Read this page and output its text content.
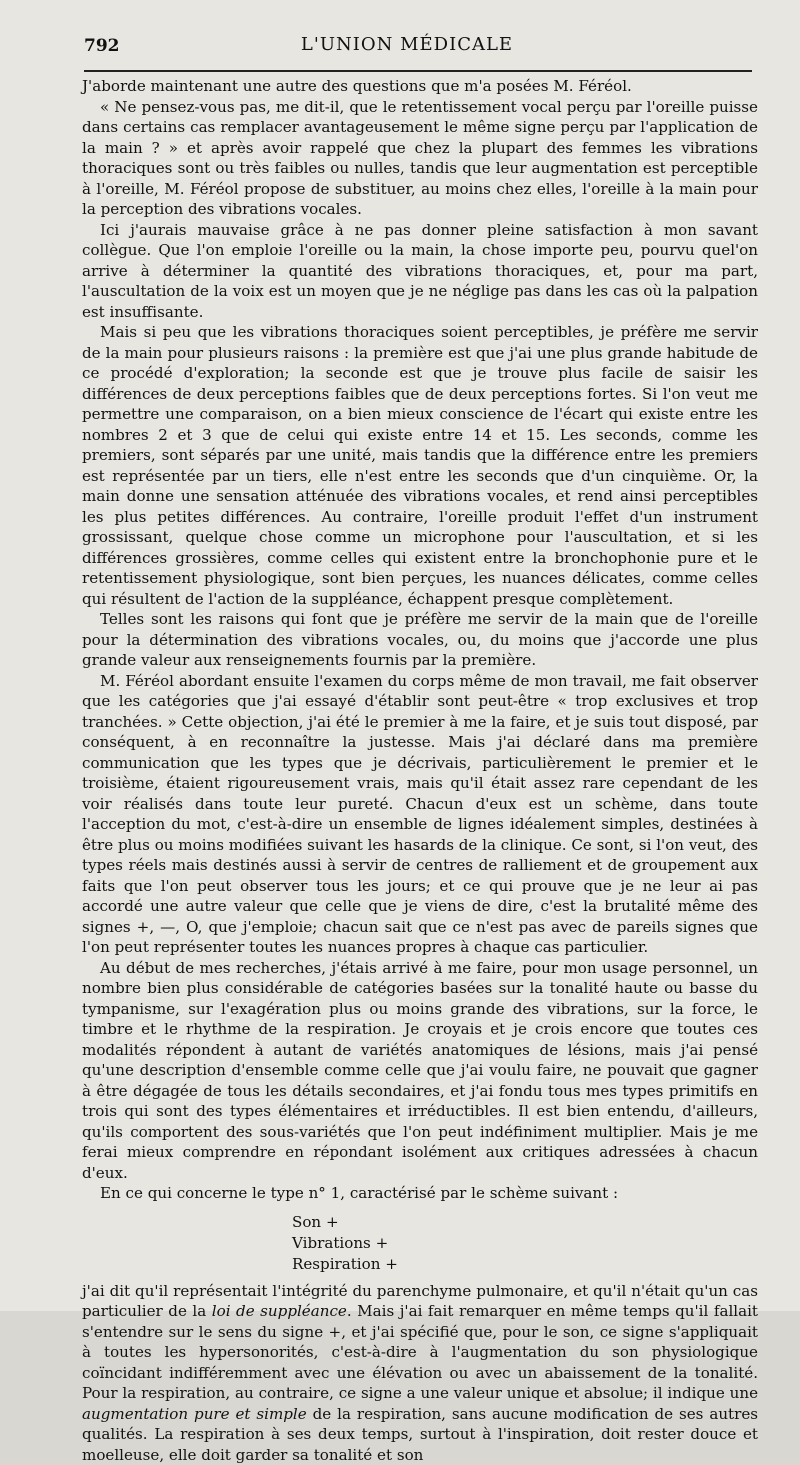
792	L'UNION MÉDICALE

J'aborde maintenant une autre des questions que m'a posées M. Féréol.

« Ne pensez-vous pas, me dit-il, que le retentissement vocal perçu par l'oreille puisse dans certains cas remplacer avantageusement le même signe perçu par l'application de la main ? » et après avoir rappelé que chez la plupart des femmes les vibrations thoraciques sont ou très faibles ou nulles, tandis que leur augmentation est perceptible à l'oreille, M. Féréol propose de substituer, au moins chez elles, l'oreille à la main pour la perception des vibrations vocales.

Ici j'aurais mauvaise grâce à ne pas donner pleine satisfaction à mon savant collègue. Que l'on emploie l'oreille ou la main, la chose importe peu, pourvu quel'on arrive à déterminer la quantité des vibrations thoraciques, et, pour ma part, l'auscultation de la voix est un moyen que je ne néglige pas dans les cas où la palpation est insuffisante.

Mais si peu que les vibrations thoraciques soient perceptibles, je préfère me servir de la main pour plusieurs raisons : la première est que j'ai une plus grande habitude de ce procédé d'exploration; la seconde est que je trouve plus facile de saisir les différences de deux perceptions faibles que de deux perceptions fortes. Si l'on veut me permettre une comparaison, on a bien mieux conscience de l'écart qui existe entre les nombres 2 et 3 que de celui qui existe entre 14 et 15. Les seconds, comme les premiers, sont séparés par une unité, mais tandis que la différence entre les premiers est représentée par un tiers, elle n'est entre les seconds que d'un cinquième. Or, la main donne une sensation atténuée des vibrations vocales, et rend ainsi perceptibles les plus petites différences. Au contraire, l'oreille produit l'effet d'un instrument grossissant, quelque chose comme un microphone pour l'auscultation, et si les différences grossières, comme celles qui existent entre la bronchophonie pure et le retentissement physiologique, sont bien perçues, les nuances délicates, comme celles qui résultent de l'action de la suppléance, échappent presque complètement.

Telles sont les raisons qui font que je préfère me servir de la main que de l'oreille pour la détermination des vibrations vocales, ou, du moins que j'accorde une plus grande valeur aux renseignements fournis par la première.

M. Féréol abordant ensuite l'examen du corps même de mon travail, me fait observer que les catégories que j'ai essayé d'établir sont peut-être « trop exclusives et trop tranchées. » Cette objection, j'ai été le premier à me la faire, et je suis tout disposé, par conséquent, à en reconnaître la justesse. Mais j'ai déclaré dans ma première communication que les types que je décrivais, particulièrement le premier et le troisième, étaient rigoureusement vrais, mais qu'il était assez rare cependant de les voir réalisés dans toute leur pureté. Chacun d'eux est un schème, dans toute l'acception du mot, c'est-à-dire un ensemble de lignes idéalement simples, destinées à être plus ou moins modifiées suivant les hasards de la clinique. Ce sont, si l'on veut, des types réels mais destinés aussi à servir de centres de ralliement et de groupement aux faits que l'on peut observer tous les jours; et ce qui prouve que je ne leur ai pas accordé une autre valeur que celle que je viens de dire, c'est la brutalité même des signes +, —, O, que j'emploie; chacun sait que ce n'est pas avec de pareils signes que l'on peut représenter toutes les nuances propres à chaque cas particulier.

Au début de mes recherches, j'étais arrivé à me faire, pour mon usage personnel, un nombre bien plus considérable de catégories basées sur la tonalité haute ou basse du tympanisme, sur l'exagération plus ou moins grande des vibrations, sur la force, le timbre et le rhythme de la respiration. Je croyais et je crois encore que toutes ces modalités répondent à autant de variétés anatomiques de lésions, mais j'ai pensé qu'une description d'ensemble comme celle que j'ai voulu faire, ne pouvait que gagner à être dégagée de tous les détails secondaires, et j'ai fondu tous mes types primitifs en trois qui sont des types élémentaires et irréductibles. Il est bien entendu, d'ailleurs, qu'ils comportent des sous-variétés que l'on peut indéfiniment multiplier. Mais je me ferai mieux comprendre en répondant isolément aux critiques adressées à chacun d'eux.

En ce qui concerne le type n° 1, caractérisé par le schème suivant :

Son +
Vibrations +
Respiration +

j'ai dit qu'il représentait l'intégrité du parenchyme pulmonaire, et qu'il n'était qu'un cas particulier de la loi de suppléance. Mais j'ai fait remarquer en même temps qu'il fallait s'entendre sur le sens du signe +, et j'ai spécifié que, pour le son, ce signe s'appliquait à toutes les hypersonorités, c'est-à-dire à l'augmentation du son physiologique coïncidant indifféremment avec une élévation ou avec un abaissement de la tonalité. Pour la respiration, au contraire, ce signe a une valeur unique et absolue; il indique une augmentation pure et simple de la respiration, sans aucune modification de ses autres qualités. La respiration à ses deux temps, surtout à l'inspiration, doit rester douce et moelleuse, elle doit garder sa tonalité et son
